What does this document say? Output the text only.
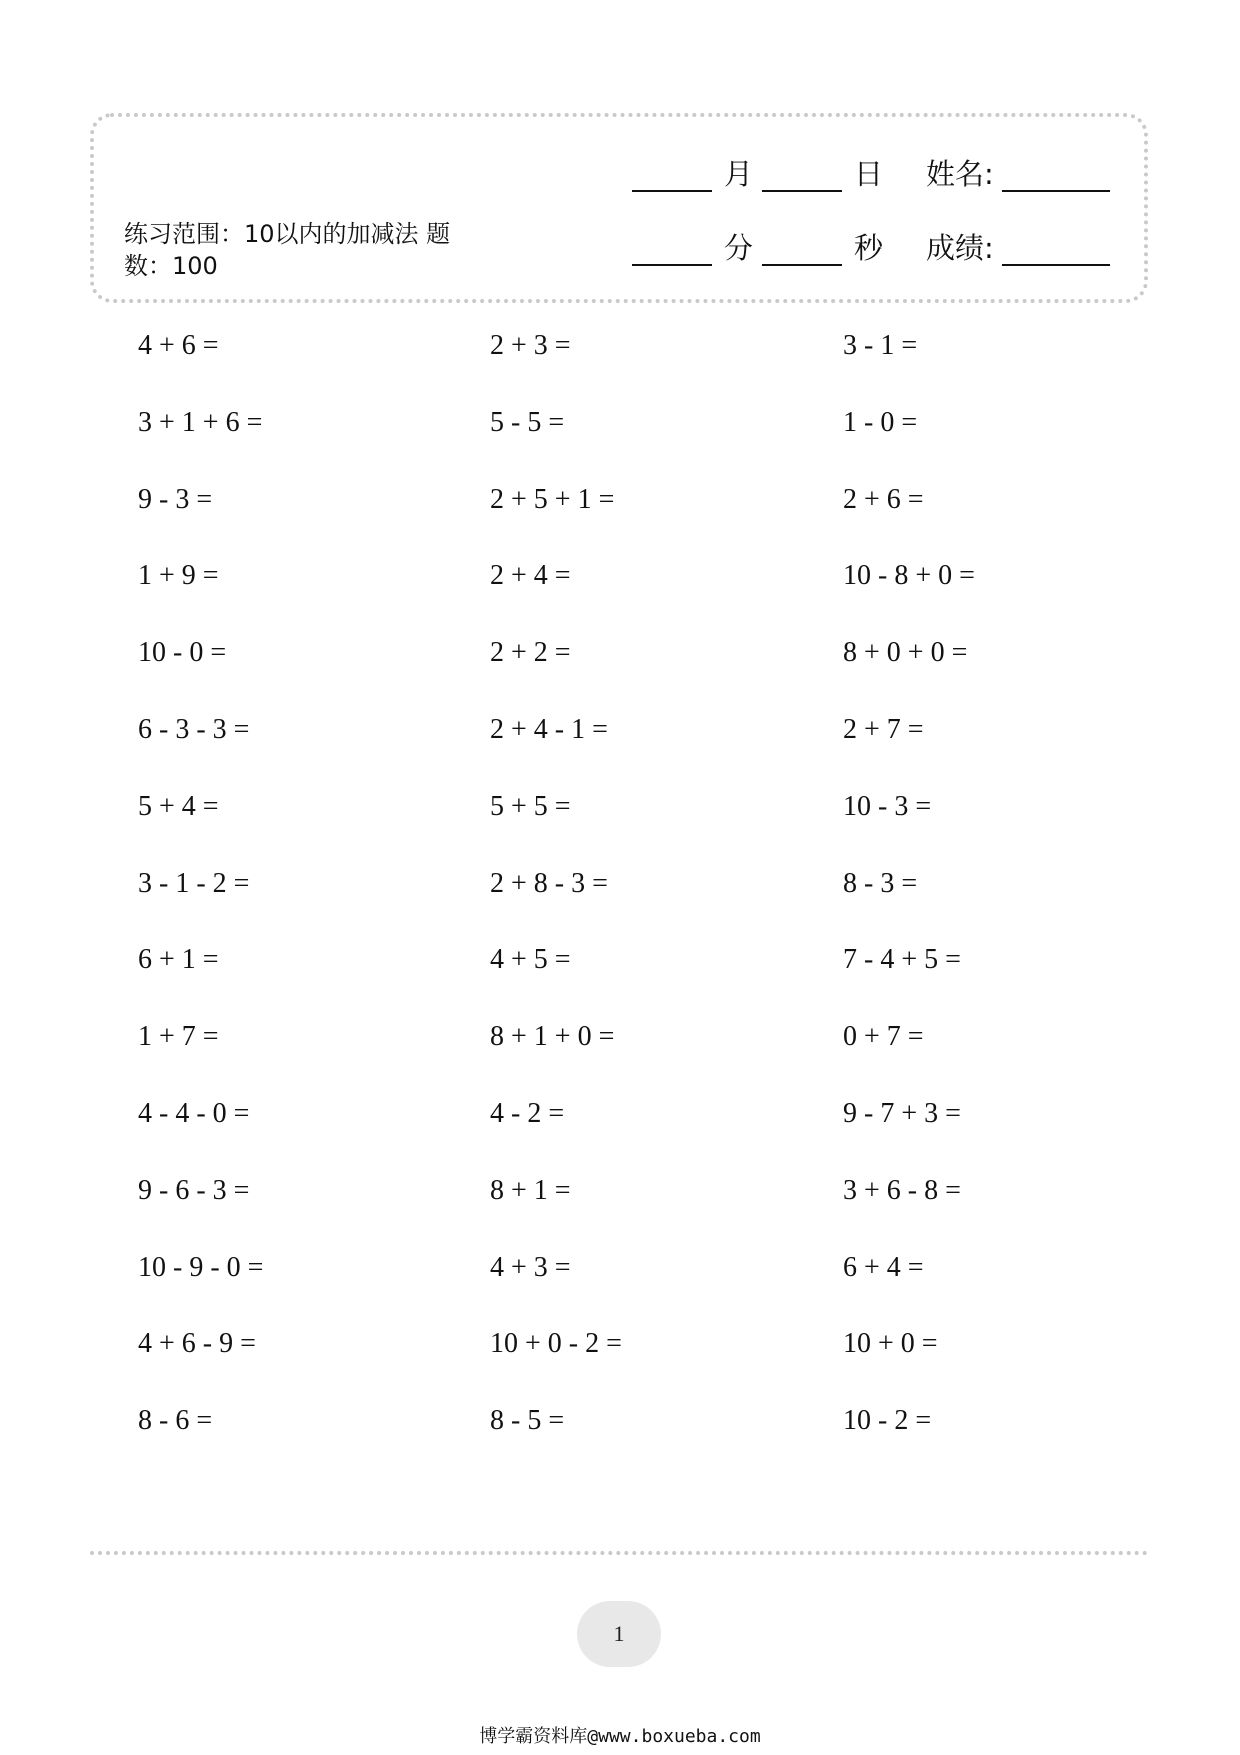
练习范围：10以内的加减法 题数：100
月	日 姓名:
分	秒 成绩:
4 + 6 =
3 + 1 + 6 =
9 - 3 =
1 + 9 =
10 - 0 =
6 - 3 - 3 =
5 + 4 =
3 - 1 - 2 =
6 + 1 =
1 + 7 =
4 - 4 - 0 =
9 - 6 - 3 =
10 - 9 - 0 =
4 + 6 - 9 =
8 - 6 =
2 + 3 =
5 - 5 =
2 + 5 + 1 =
2 + 4 =
2 + 2 =
2 + 4 - 1 =
5 + 5 =
2 + 8 - 3 =
4 + 5 =
8 + 1 + 0 =
4 - 2 =
8 + 1 =
4 + 3 =
10 + 0 - 2 =
8 - 5 =
3 - 1 =
1 - 0 =
2 + 6 =
10 - 8 + 0 =
8 + 0 + 0 =
2 + 7 =
10 - 3 =
8 - 3 =
7 - 4 + 5 =
0 + 7 =
9 - 7 + 3 =
3 + 6 - 8 =
6 + 4 =
10 + 0 =
10 - 2 =
1
博学霸资料库@www.boxueba.com
